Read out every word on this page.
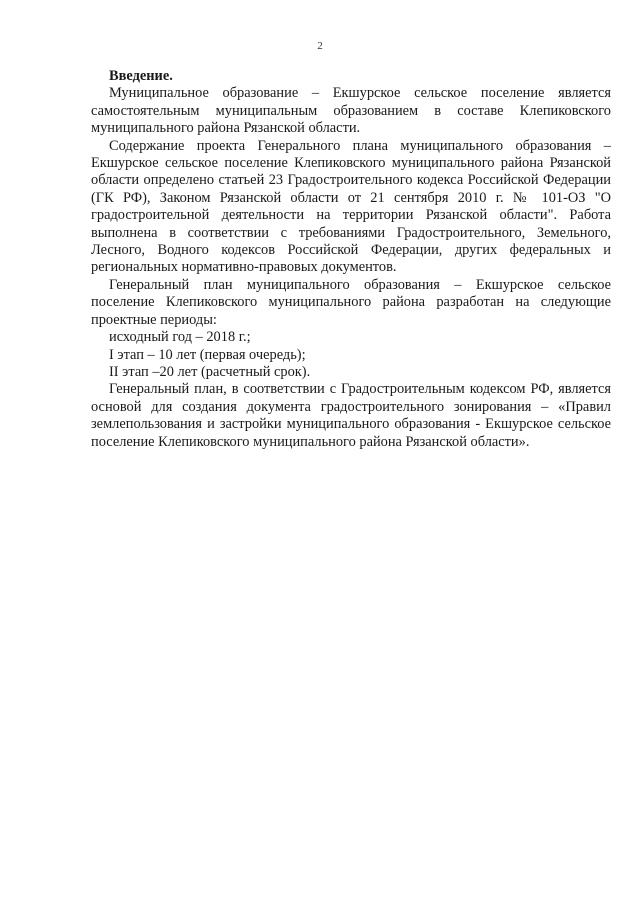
2

Введение.

Муниципальное образование – Екшурское сельское поселение является самостоятельным муниципальным образованием в составе Клепиковского муниципального района Рязанской области.

Содержание проекта Генерального плана муниципального образования – Екшурское сельское поселение Клепиковского муниципального района Рязанской области определено статьей 23 Градостроительного кодекса Российской Федерации (ГК РФ), Законом Рязанской области от 21 сентября 2010 г. № 101-ОЗ "О градостроительной деятельности на территории Рязанской области". Работа выполнена в соответствии с требованиями Градостроительного, Земельного, Лесного, Водного кодексов Российской Федерации, других федеральных и региональных нормативно-правовых документов.

Генеральный план муниципального образования – Екшурское сельское поселение Клепиковского муниципального района разработан на следующие проектные периоды:

исходный год – 2018 г.;

I этап – 10 лет (первая очередь);

II этап –20 лет (расчетный срок).

Генеральный план, в соответствии с Градостроительным кодексом РФ, является основой для создания документа градостроительного зонирования – «Правил землепользования и застройки муниципального образования - Екшурское сельское поселение Клепиковского муниципального района Рязанской области».
